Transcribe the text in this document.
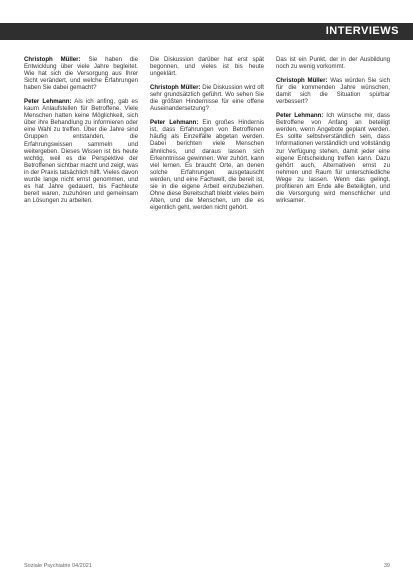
INTERVIEWS

Christoph Müller: Sie haben die Entwicklung über viele Jahre begleitet. Wie hat sich die Versorgung aus Ihrer Sicht verändert, und welche Erfahrungen haben Sie dabei gemacht?

Peter Lehmann: Als ich anfing, gab es kaum Anlaufstellen für Betroffene. Viele Menschen hatten keine Möglichkeit, sich über ihre Behandlung zu informieren oder eine Wahl zu treffen. Über die Jahre sind Gruppen entstanden, die Erfahrungswissen sammeln und weitergeben. Dieses Wissen ist bis heute wichtig, weil es die Perspektive der Betroffenen sichtbar macht und zeigt, was in der Praxis tatsächlich hilft. Vieles davon wurde lange nicht ernst genommen, und es hat Jahre gedauert, bis Fachleute bereit waren, zuzuhören und gemeinsam an Lösungen zu arbeiten.

Die Diskussion darüber hat erst spät begonnen, und vieles ist bis heute ungeklärt.

Christoph Müller: Die Diskussion wird oft sehr grundsätzlich geführt. Wo sehen Sie die größten Hindernisse für eine offene Auseinandersetzung?

Peter Lehmann: Ein großes Hindernis ist, dass Erfahrungen von Betroffenen häufig als Einzelfälle abgetan werden. Dabei berichten viele Menschen ähnliches, und daraus lassen sich Erkenntnisse gewinnen. Wer zuhört, kann viel lernen. Es braucht Orte, an denen solche Erfahrungen ausgetauscht werden, und eine Fachwelt, die bereit ist, sie in die eigene Arbeit einzubeziehen. Ohne diese Bereitschaft bleibt vieles beim Alten, und die Menschen, um die es eigentlich geht, werden nicht gehört.

Das ist ein Punkt, der in der Ausbildung noch zu wenig vorkommt.

Christoph Müller: Was würden Sie sich für die kommenden Jahre wünschen, damit sich die Situation spürbar verbessert?

Peter Lehmann: Ich wünsche mir, dass Betroffene von Anfang an beteiligt werden, wenn Angebote geplant werden. Es sollte selbstverständlich sein, dass Informationen verständlich und vollständig zur Verfügung stehen, damit jeder eine eigene Entscheidung treffen kann. Dazu gehört auch, Alternativen ernst zu nehmen und Raum für unterschiedliche Wege zu lassen. Wenn das gelingt, profitieren am Ende alle Beteiligten, und die Versorgung wird menschlicher und wirksamer.

Soziale Psychiatrie 04/2021	39
